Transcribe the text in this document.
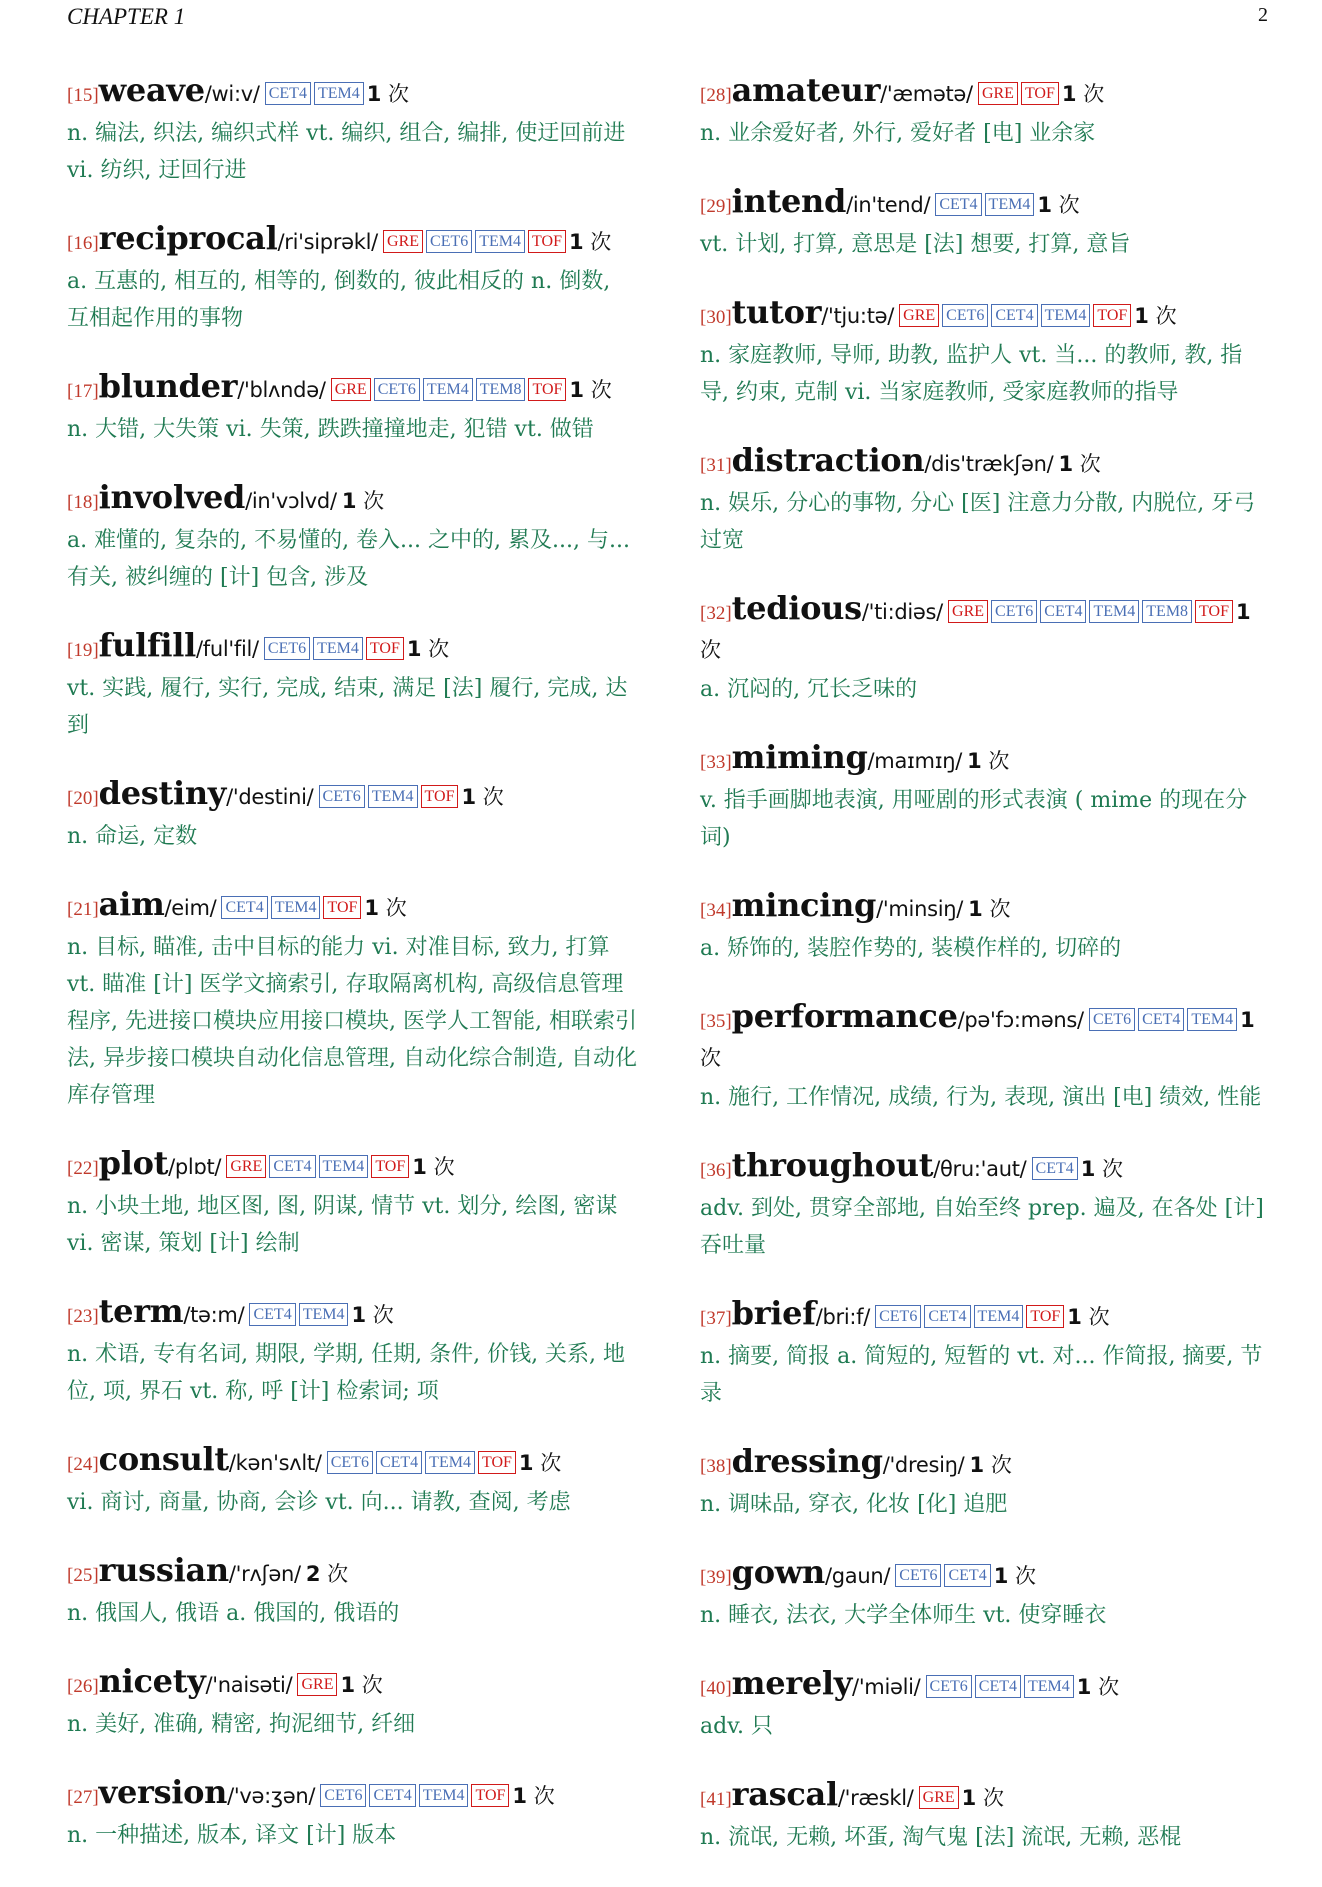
CHAPTER 1	2
[15]weave/wi:v/ CET4 TEM4 1 次
n. 编法, 织法, 编织式样 vt. 编织, 组合, 编排, 使迂回前进 vi. 纺织, 迂回行进
[16]reciprocal/ri'siprəkl/ GRE CET6 TEM4 TOF 1 次
a. 互惠的, 相互的, 相等的, 倒数的, 彼此相反的 n. 倒数, 互相起作用的事物
[17]blunder/'blʌndə/ GRE CET6 TEM4 TEM8 TOF 1 次
n. 大错, 大失策 vi. 失策, 跌跌撞撞地走, 犯错 vt. 做错
[18]involved/in'vɔlvd/ 1 次
a. 难懂的, 复杂的, 不易懂的, 卷入... 之中的, 累及..., 与... 有关, 被纠缠的 [计] 包含, 涉及
[19]fulfill/ful'fil/ CET6 TEM4 TOF 1 次
vt. 实践, 履行, 实行, 完成, 结束, 满足 [法] 履行, 完成, 达到
[20]destiny/'destini/ CET6 TEM4 TOF 1 次
n. 命运, 定数
[21]aim/eim/ CET4 TEM4 TOF 1 次
n. 目标, 瞄准, 击中目标的能力 vi. 对准目标, 致力, 打算 vt. 瞄准 [计] 医学文摘索引, 存取隔离机构, 高级信息管理程序, 先进接口模块应用接口模块, 医学人工智能, 相联索引法, 异步接口模块自动化信息管理, 自动化综合制造, 自动化库存管理
[22]plot/plɒt/ GRE CET4 TEM4 TOF 1 次
n. 小块土地, 地区图, 图, 阴谋, 情节 vt. 划分, 绘图, 密谋 vi. 密谋, 策划 [计] 绘制
[23]term/tə:m/ CET4 TEM4 1 次
n. 术语, 专有名词, 期限, 学期, 任期, 条件, 价钱, 关系, 地位, 项, 界石 vt. 称, 呼 [计] 检索词; 项
[24]consult/kən'sʌlt/ CET6 CET4 TEM4 TOF 1 次
vi. 商讨, 商量, 协商, 会诊 vt. 向... 请教, 查阅, 考虑
[25]russian/'rʌʃən/ 2 次
n. 俄国人, 俄语 a. 俄国的, 俄语的
[26]nicety/'naisəti/ GRE 1 次
n. 美好, 准确, 精密, 拘泥细节, 纤细
[27]version/'və:ʒən/ CET6 CET4 TEM4 TOF 1 次
n. 一种描述, 版本, 译文 [计] 版本
[28]amateur/'æmətə/ GRE TOF 1 次
n. 业余爱好者, 外行, 爱好者 [电] 业余家
[29]intend/in'tend/ CET4 TEM4 1 次
vt. 计划, 打算, 意思是 [法] 想要, 打算, 意旨
[30]tutor/'tju:tə/ GRE CET6 CET4 TEM4 TOF 1 次
n. 家庭教师, 导师, 助教, 监护人 vt. 当... 的教师, 教, 指导, 约束, 克制 vi. 当家庭教师, 受家庭教师的指导
[31]distraction/dis'trækʃən/ 1 次
n. 娱乐, 分心的事物, 分心 [医] 注意力分散, 内脱位, 牙弓过宽
[32]tedious/'ti:diəs/ GRE CET6 CET4 TEM4 TEM8 TOF 1 次
a. 沉闷的, 冗长乏味的
[33]miming/maɪmɪŋ/ 1 次
v. 指手画脚地表演, 用哑剧的形式表演 ( mime 的现在分词)
[34]mincing/'minsiŋ/ 1 次
a. 矫饰的, 装腔作势的, 装模作样的, 切碎的
[35]performance/pə'fɔ:məns/ CET6 CET4 TEM4 1 次
n. 施行, 工作情况, 成绩, 行为, 表现, 演出 [电] 绩效, 性能
[36]throughout/θru:'aut/ CET4 1 次
adv. 到处, 贯穿全部地, 自始至终 prep. 遍及, 在各处 [计] 吞吐量
[37]brief/bri:f/ CET6 CET4 TEM4 TOF 1 次
n. 摘要, 简报 a. 简短的, 短暂的 vt. 对... 作简报, 摘要, 节录
[38]dressing/'dresiŋ/ 1 次
n. 调味品, 穿衣, 化妆 [化] 追肥
[39]gown/gaun/ CET6 CET4 1 次
n. 睡衣, 法衣, 大学全体师生 vt. 使穿睡衣
[40]merely/'miəli/ CET6 CET4 TEM4 1 次
adv. 只
[41]rascal/'ræskl/ GRE 1 次
n. 流氓, 无赖, 坏蛋, 淘气鬼 [法] 流氓, 无赖, 恶棍
